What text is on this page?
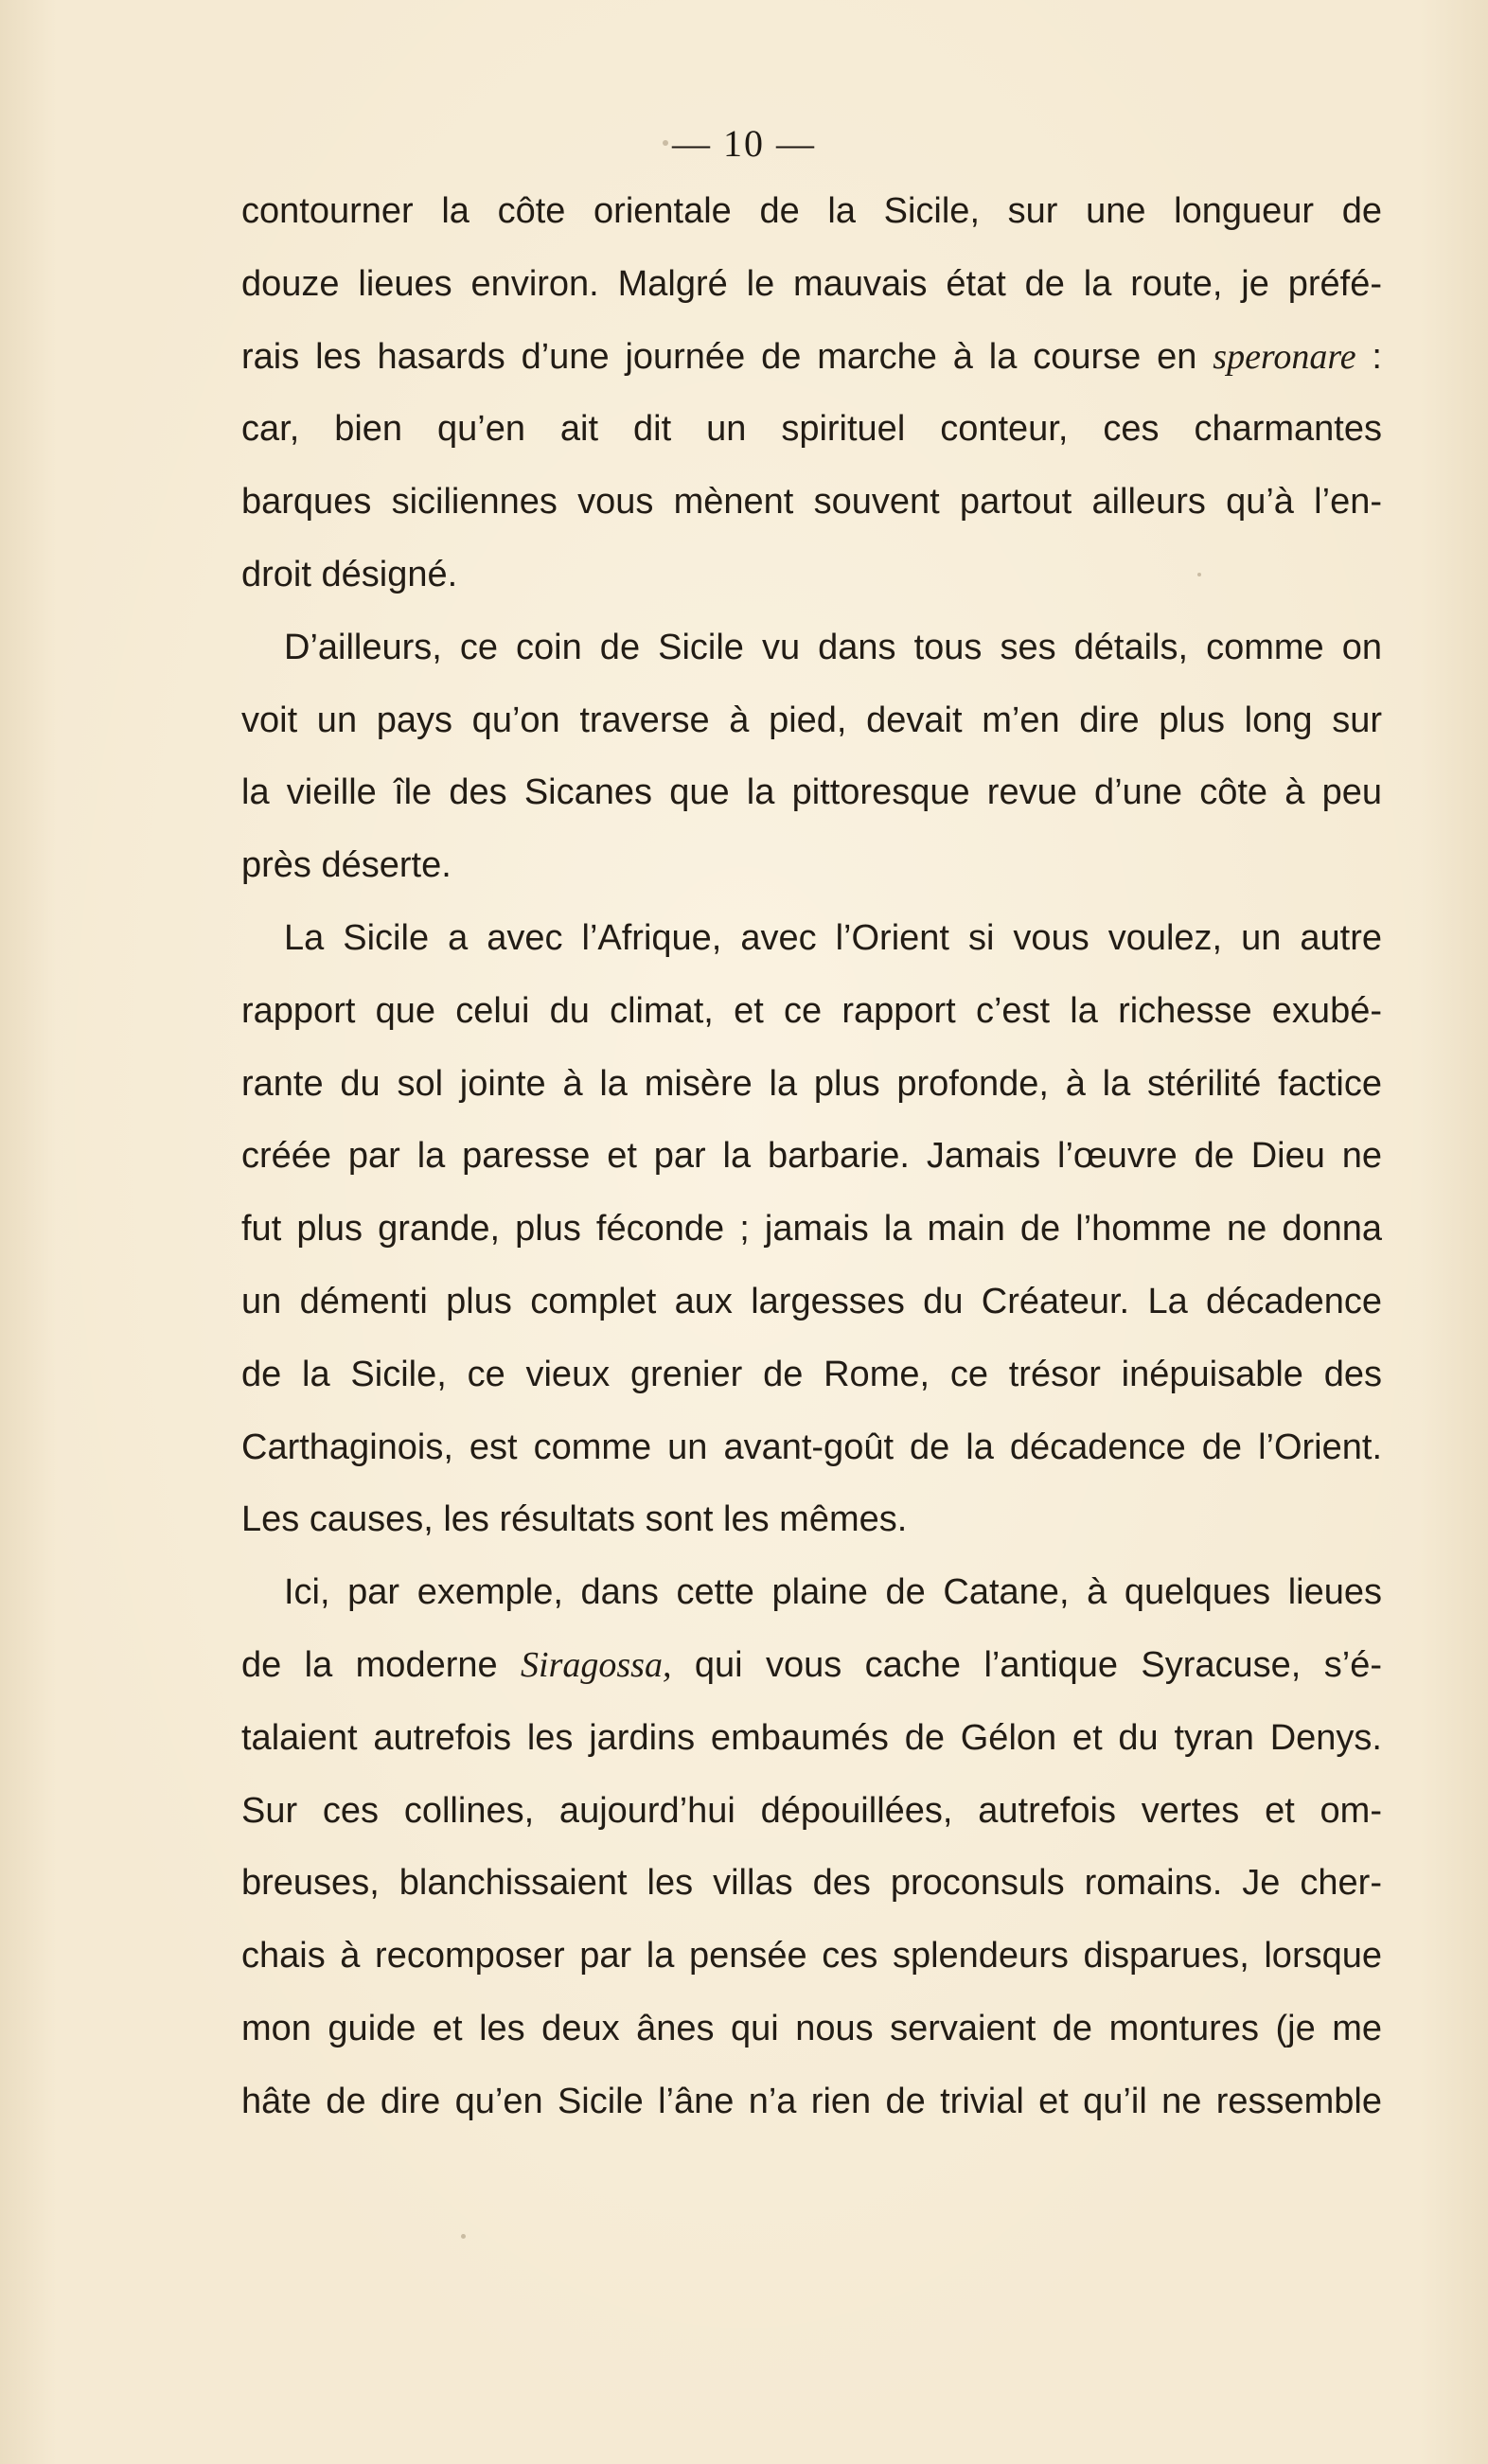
— 10 —
contourner la côte orientale de la Sicile, sur une longueur de
douze lieues environ. Malgré le mauvais état de la route, je préfé-
rais les hasards d’une journée de marche à la course en speronare :
car, bien qu’en ait dit un spirituel conteur, ces charmantes
barques siciliennes vous mènent souvent partout ailleurs qu’à l’en-
droit désigné.
D’ailleurs, ce coin de Sicile vu dans tous ses détails, comme on
voit un pays qu’on traverse à pied, devait m’en dire plus long sur
la vieille île des Sicanes que la pittoresque revue d’une côte à peu
près déserte.
La Sicile a avec l’Afrique, avec l’Orient si vous voulez, un autre
rapport que celui du climat, et ce rapport c’est la richesse exubé-
rante du sol jointe à la misère la plus profonde, à la stérilité factice
créée par la paresse et par la barbarie. Jamais l’œuvre de Dieu ne
fut plus grande, plus féconde ; jamais la main de l’homme ne donna
un démenti plus complet aux largesses du Créateur. La décadence
de la Sicile, ce vieux grenier de Rome, ce trésor inépuisable des
Carthaginois, est comme un avant-goût de la décadence de l’Orient.
Les causes, les résultats sont les mêmes.
Ici, par exemple, dans cette plaine de Catane, à quelques lieues
de la moderne Siragossa, qui vous cache l’antique Syracuse, s’é-
talaient autrefois les jardins embaumés de Gélon et du tyran Denys.
Sur ces collines, aujourd’hui dépouillées, autrefois vertes et om-
breuses, blanchissaient les villas des proconsuls romains. Je cher-
chais à recomposer par la pensée ces splendeurs disparues, lorsque
mon guide et les deux ânes qui nous servaient de montures (je me
hâte de dire qu’en Sicile l’âne n’a rien de trivial et qu’il ne ressemble
